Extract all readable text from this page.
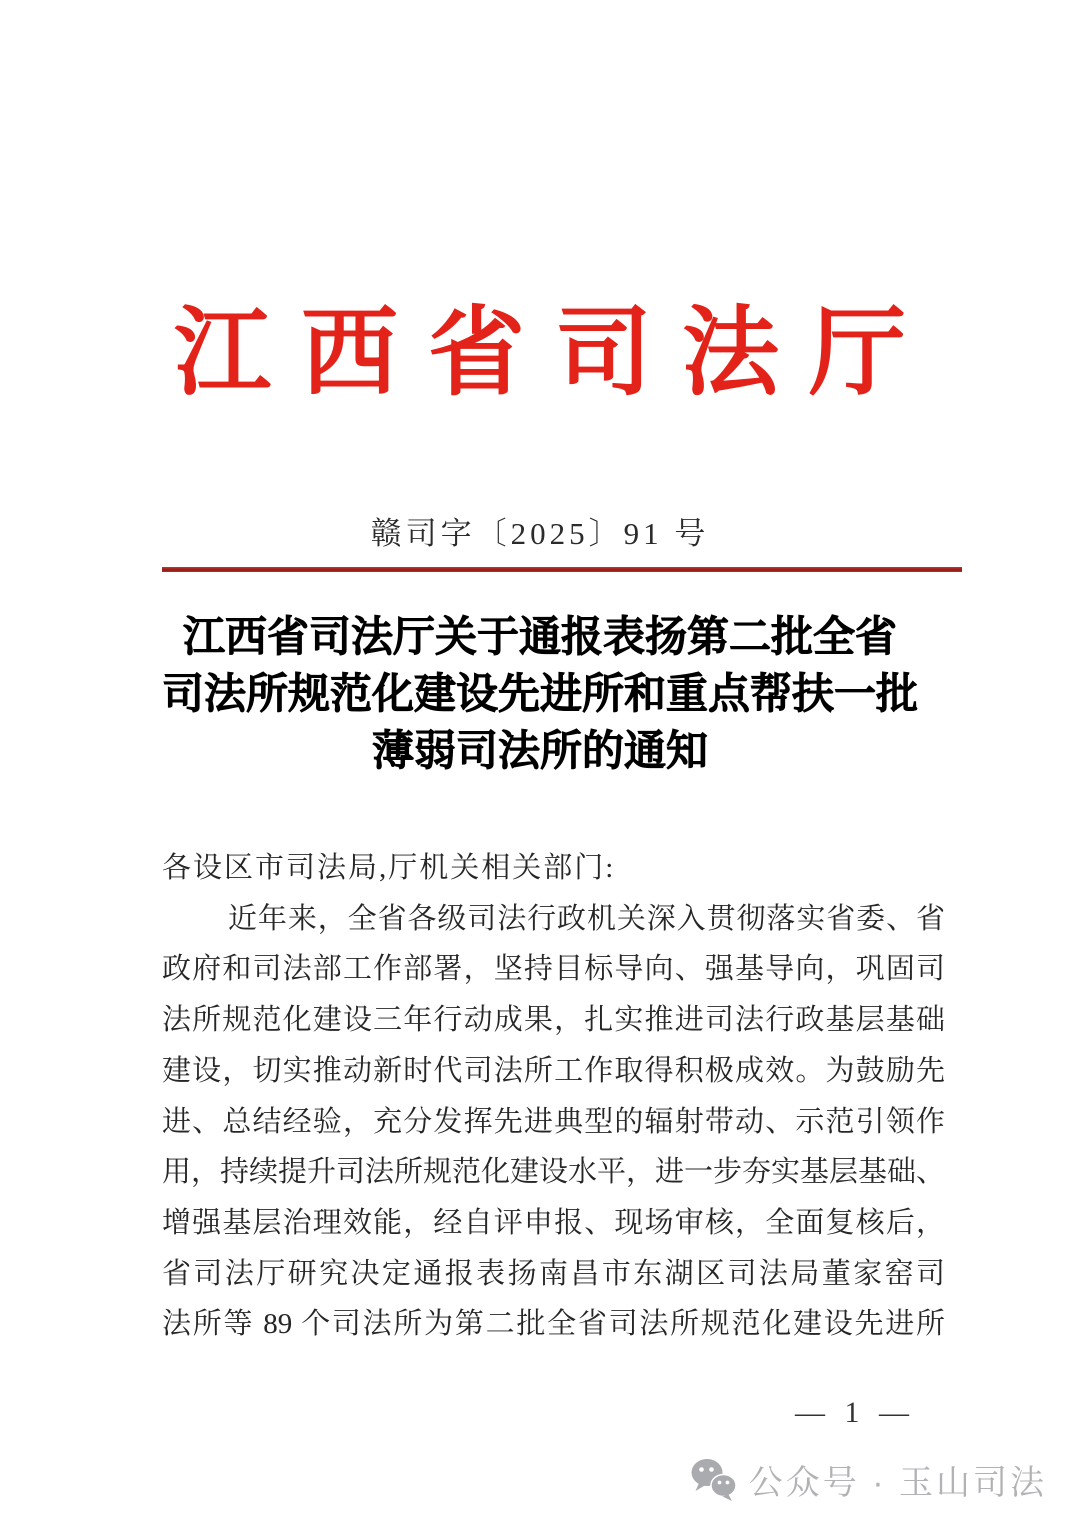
江西省司法厅
赣司字〔2025〕91 号
江西省司法厅关于通报表扬第二批全省
司法所规范化建设先进所和重点帮扶一批
薄弱司法所的通知
各设区市司法局,厅机关相关部门:
近年来，全省各级司法行政机关深入贯彻落实省委、省
政府和司法部工作部署，坚持目标导向、强基导向，巩固司
法所规范化建设三年行动成果，扎实推进司法行政基层基础
建设，切实推动新时代司法所工作取得积极成效。为鼓励先
进、总结经验，充分发挥先进典型的辐射带动、示范引领作
用，持续提升司法所规范化建设水平，进一步夯实基层基础、
增强基层治理效能，经自评申报、现场审核，全面复核后，
省司法厅研究决定通报表扬南昌市东湖区司法局董家窑司
法所等 89 个司法所为第二批全省司法所规范化建设先进所
— 1 —
公众号 · 玉山司法
